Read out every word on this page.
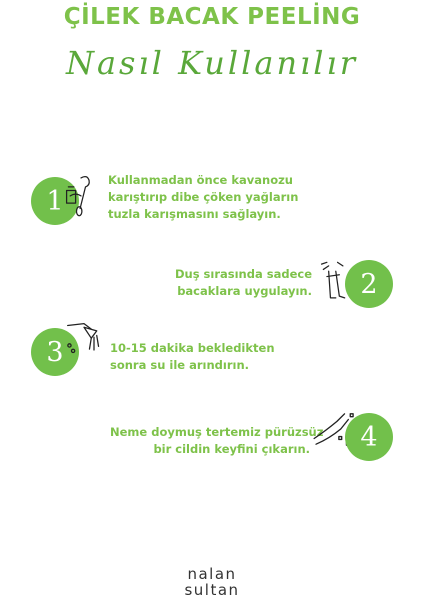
ÇİLEK BACAK PEELİNG
Nasıl Kullanılır
1
Kullanmadan önce kavanozu
karıştırıp dibe çöken yağların
tuzla karışmasını sağlayın.
Duş sırasında sadece
bacaklara uygulayın. 2
3	10-15 dakika bekledikten
sonra su ile arındırın.
Neme doymuş tertemiz pürüzsüz
bir cildin keyfini çıkarın. 4
nalan
sultan
